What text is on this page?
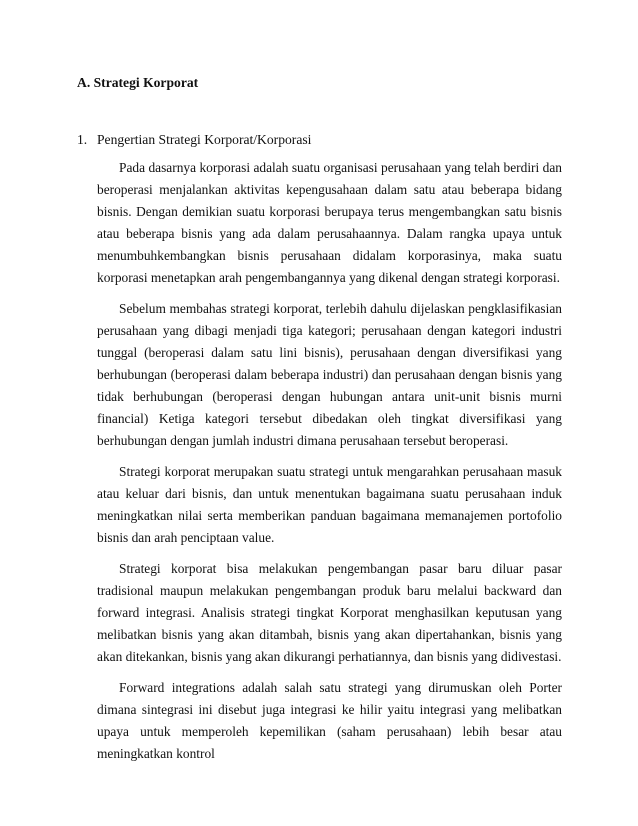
A. Strategi Korporat
1. Pengertian Strategi Korporat/Korporasi

Pada dasarnya korporasi adalah suatu organisasi perusahaan yang telah berdiri dan beroperasi menjalankan aktivitas kepengusahaan dalam satu atau beberapa bidang bisnis. Dengan demikian suatu korporasi berupaya terus mengembangkan satu bisnis atau beberapa bisnis yang ada dalam perusahaannya. Dalam rangka upaya untuk menumbuhkembangkan bisnis perusahaan didalam korporasinya, maka suatu korporasi menetapkan arah pengembangannya yang dikenal dengan strategi korporasi.

Sebelum membahas strategi korporat, terlebih dahulu dijelaskan pengklasifikasian perusahaan yang dibagi menjadi tiga kategori; perusahaan dengan kategori industri tunggal (beroperasi dalam satu lini bisnis), perusahaan dengan diversifikasi yang berhubungan (beroperasi dalam beberapa industri) dan perusahaan dengan bisnis yang tidak berhubungan (beroperasi dengan hubungan antara unit-unit bisnis murni financial) Ketiga kategori tersebut dibedakan oleh tingkat diversifikasi yang berhubungan dengan jumlah industri dimana perusahaan tersebut beroperasi.

Strategi korporat merupakan suatu strategi untuk mengarahkan perusahaan masuk atau keluar dari bisnis, dan untuk menentukan bagaimana suatu perusahaan induk meningkatkan nilai serta memberikan panduan bagaimana memanajemen portofolio bisnis dan arah penciptaan value.

Strategi korporat bisa melakukan pengembangan pasar baru diluar pasar tradisional maupun melakukan pengembangan produk baru melalui backward dan forward integrasi. Analisis strategi tingkat Korporat menghasilkan keputusan yang melibatkan bisnis yang akan ditambah, bisnis yang akan dipertahankan, bisnis yang akan ditekankan, bisnis yang akan dikurangi perhatiannya, dan bisnis yang didivestasi.

Forward integrations adalah salah satu strategi yang dirumuskan oleh Porter dimana sintegrasi ini disebut juga integrasi ke hilir yaitu integrasi yang melibatkan upaya untuk memperoleh kepemilikan (saham perusahaan) lebih besar atau meningkatkan kontrol
